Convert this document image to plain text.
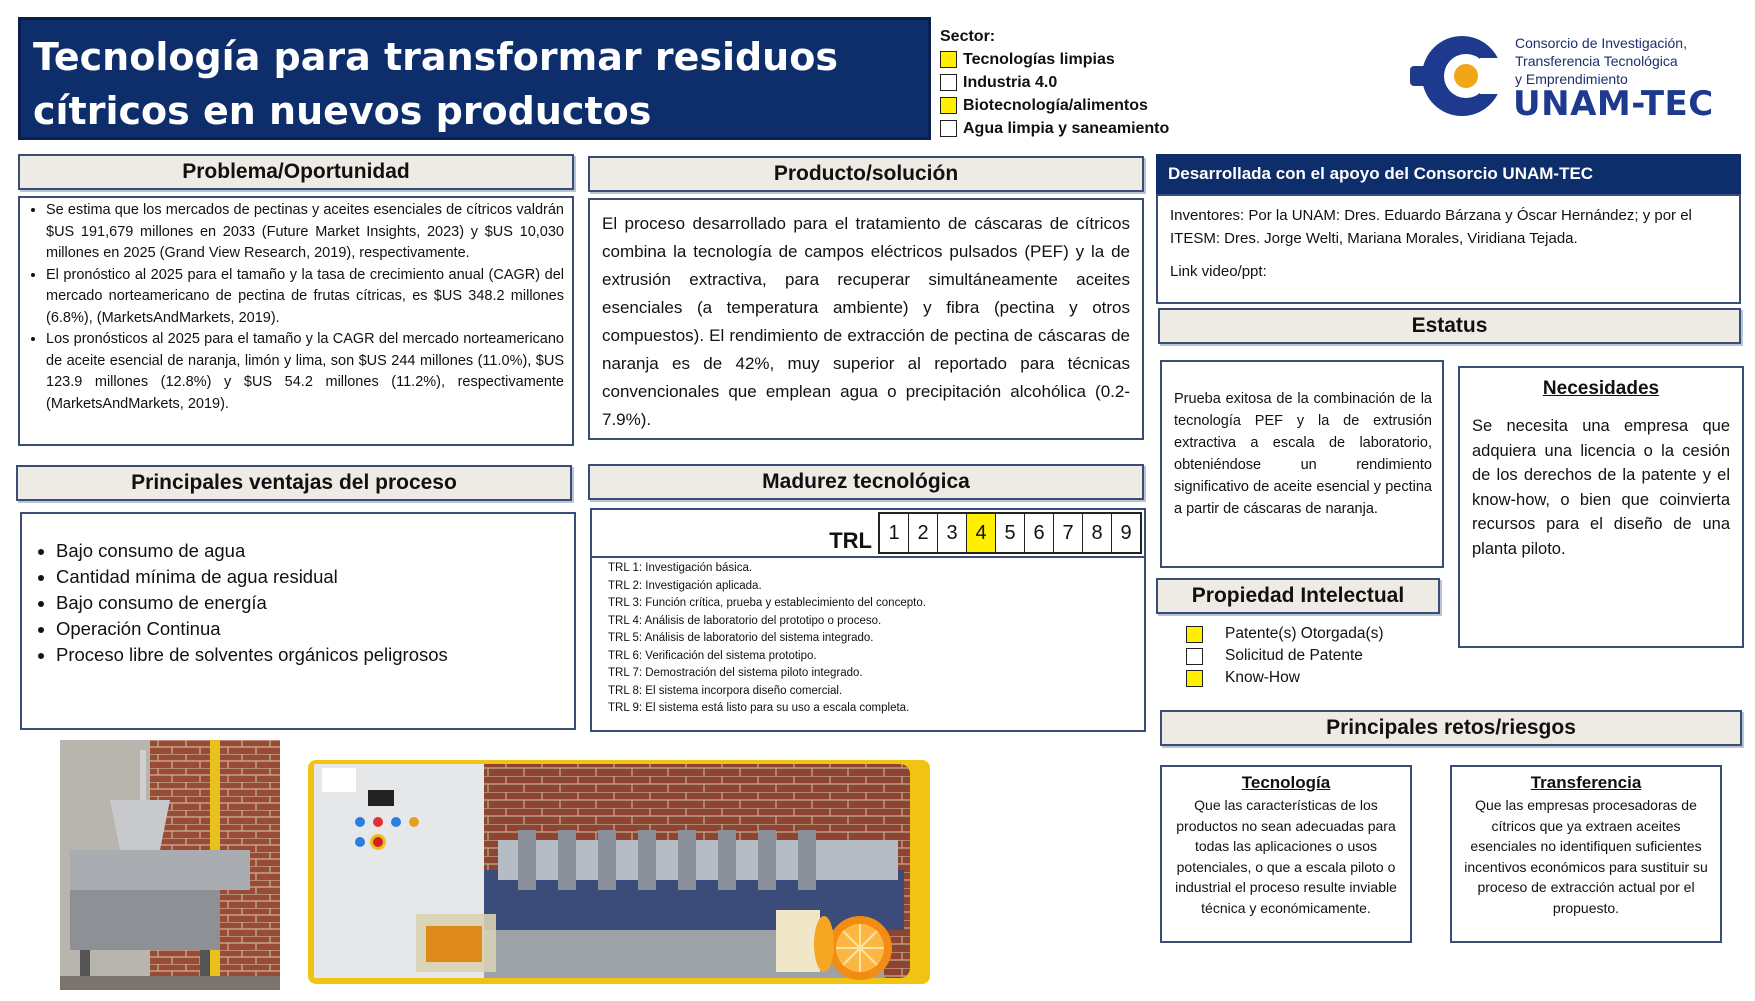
Tecnología para transformar residuos
cítricos en nuevos productos
Sector:
Tecnologías limpias
Industria 4.0
Biotecnología/alimentos
Agua limpia y saneamiento
Consorcio de Investigación,
Transferencia Tecnológica
y Emprendimiento
UNAM-TEC
Problema/Oportunidad
• Se estima que los mercados de pectinas y aceites esenciales de cítricos valdrán $US 191,679 millones en 2033 (Future Market Insights, 2023) y $US 10,030 millones en 2025 (Grand View Research, 2019), respectivamente.
• El pronóstico al 2025 para el tamaño y la tasa de crecimiento anual (CAGR) del mercado norteamericano de pectina de frutas cítricas, es $US 348.2 millones (6.8%), (MarketsAndMarkets, 2019).
• Los pronósticos al 2025 para el tamaño y la CAGR del mercado norteamericano de aceite esencial de naranja, limón y lima, son $US 244 millones (11.0%), $US 123.9 millones (12.8%) y $US 54.2 millones (11.2%), respectivamente (MarketsAndMarkets, 2019).
Producto/solución
El proceso desarrollado para el tratamiento de cáscaras de cítricos combina la tecnología de campos eléctricos pulsados (PEF) y la de extrusión extractiva, para recuperar simultáneamente aceites esenciales (a temperatura ambiente) y fibra (pectina y otros compuestos). El rendimiento de extracción de pectina de cáscaras de naranja es de 42%, muy superior al reportado para técnicas convencionales que emplean agua o precipitación alcohólica (0.2-7.9%).
Principales ventajas del proceso
• Bajo consumo de agua
• Cantidad mínima de agua residual
• Bajo consumo de energía
• Operación Continua
• Proceso libre de solventes orgánicos peligrosos
Madurez tecnológica
TRL 1 2 3 4 5 6 7 8 9
TRL 1: Investigación básica.
TRL 2: Investigación aplicada.
TRL 3: Función crítica, prueba y establecimiento del concepto.
TRL 4: Análisis de laboratorio del prototipo o proceso.
TRL 5: Análisis de laboratorio del sistema integrado.
TRL 6: Verificación del sistema prototipo.
TRL 7: Demostración del sistema piloto integrado.
TRL 8: El sistema incorpora diseño comercial.
TRL 9: El sistema está listo para su uso a escala completa.
Desarrollada con el apoyo del Consorcio UNAM-TEC
Inventores: Por la UNAM: Dres. Eduardo Bárzana y Óscar Hernández; y por el ITESM: Dres. Jorge Welti, Mariana Morales, Viridiana Tejada.
Link video/ppt:
Estatus
Prueba exitosa de la combinación de la tecnología PEF y la de extrusión extractiva a escala de laboratorio, obteniéndose un rendimiento significativo de aceite esencial y pectina a partir de cáscaras de naranja.
Necesidades
Se necesita una empresa que adquiera una licencia o la cesión de los derechos de la patente y el know-how, o bien que coinvierta recursos para el diseño de una planta piloto.
Propiedad Intelectual
Patente(s) Otorgada(s)
Solicitud de Patente
Know-How
Principales retos/riesgos
Tecnología
Que las características de los productos no sean adecuadas para todas las aplicaciones o usos potenciales, o que a escala piloto o industrial el proceso resulte inviable técnica y económicamente.
Transferencia
Que las empresas procesadoras de cítricos que ya extraen aceites esenciales no identifiquen suficientes incentivos económicos para sustituir su proceso de extracción actual por el propuesto.
